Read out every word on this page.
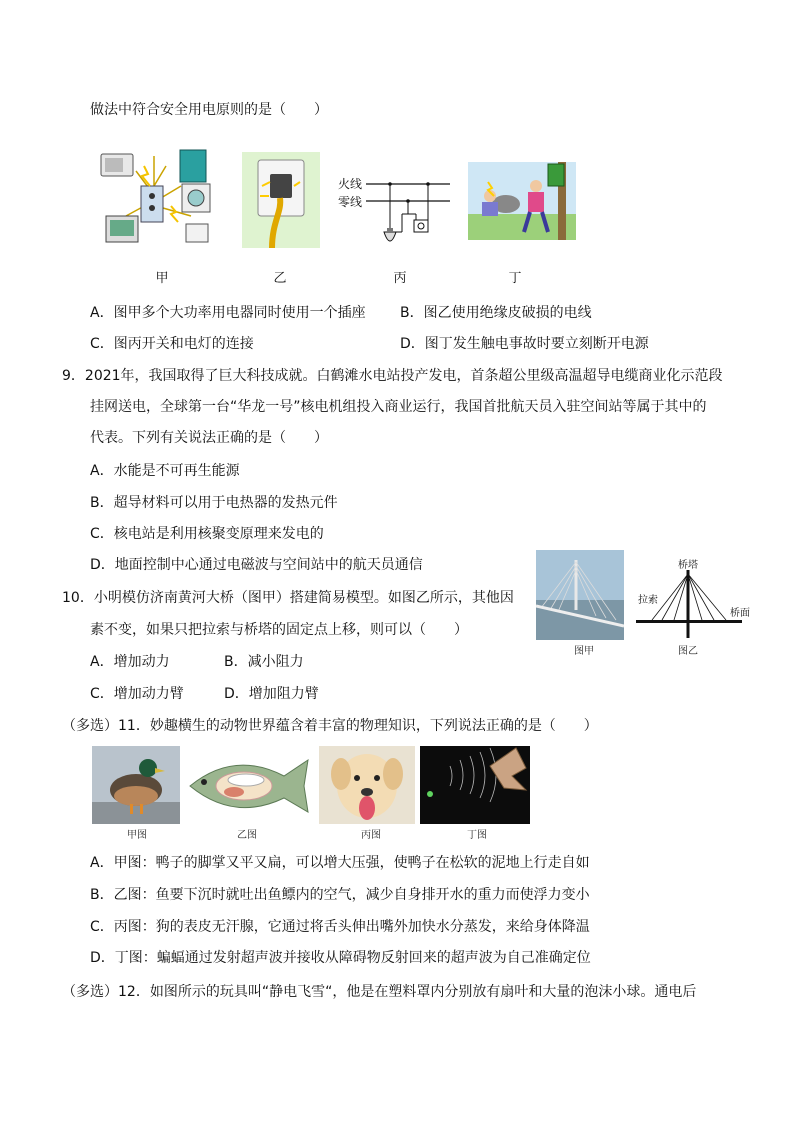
做法中符合安全用电原则的是（　　）
火线
零线
甲	乙	丙	丁
A．图甲多个大功率用电器同时使用一个插座 B．图乙使用绝缘皮破损的电线
C．图丙开关和电灯的连接	D．图丁发生触电事故时要立刻断开电源
9．2021年，我国取得了巨大科技成就。白鹤滩水电站投产发电，首条超公里级高温超导电缆商业化示范段
挂网送电，全球第一台“华龙一号”核电机组投入商业运行，我国首批航天员入驻空间站等属于其中的
代表。下列有关说法正确的是（　　）
A．水能是不可再生能源
B．超导材料可以用于电热器的发热元件
C．核电站是利用核聚变原理来发电的
D．地面控制中心通过电磁波与空间站中的航天员通信
10．小明模仿济南黄河大桥（图甲）搭建简易模型。如图乙所示，其他因
素不变，如果只把拉索与桥塔的固定点上移，则可以（　　）
A．增加动力	B．减小阻力
C．增加动力臂	D．增加阻力臂
桥塔
拉索
桥面
图甲	图乙
（多选）11．妙趣横生的动物世界蕴含着丰富的物理知识，下列说法正确的是（　　）
甲图	乙图	丙图	丁图
A．甲图：鸭子的脚掌又平又扁，可以增大压强，使鸭子在松软的泥地上行走自如
B．乙图：鱼要下沉时就吐出鱼鳔内的空气，减少自身排开水的重力而使浮力变小
C．丙图：狗的表皮无汗腺，它通过将舌头伸出嘴外加快水分蒸发，来给身体降温
D．丁图：蝙蝠通过发射超声波并接收从障碍物反射回来的超声波为自己准确定位
（多选）12．如图所示的玩具叫“静电飞雪“，他是在塑料罩内分别放有扇叶和大量的泡沫小球。通电后
